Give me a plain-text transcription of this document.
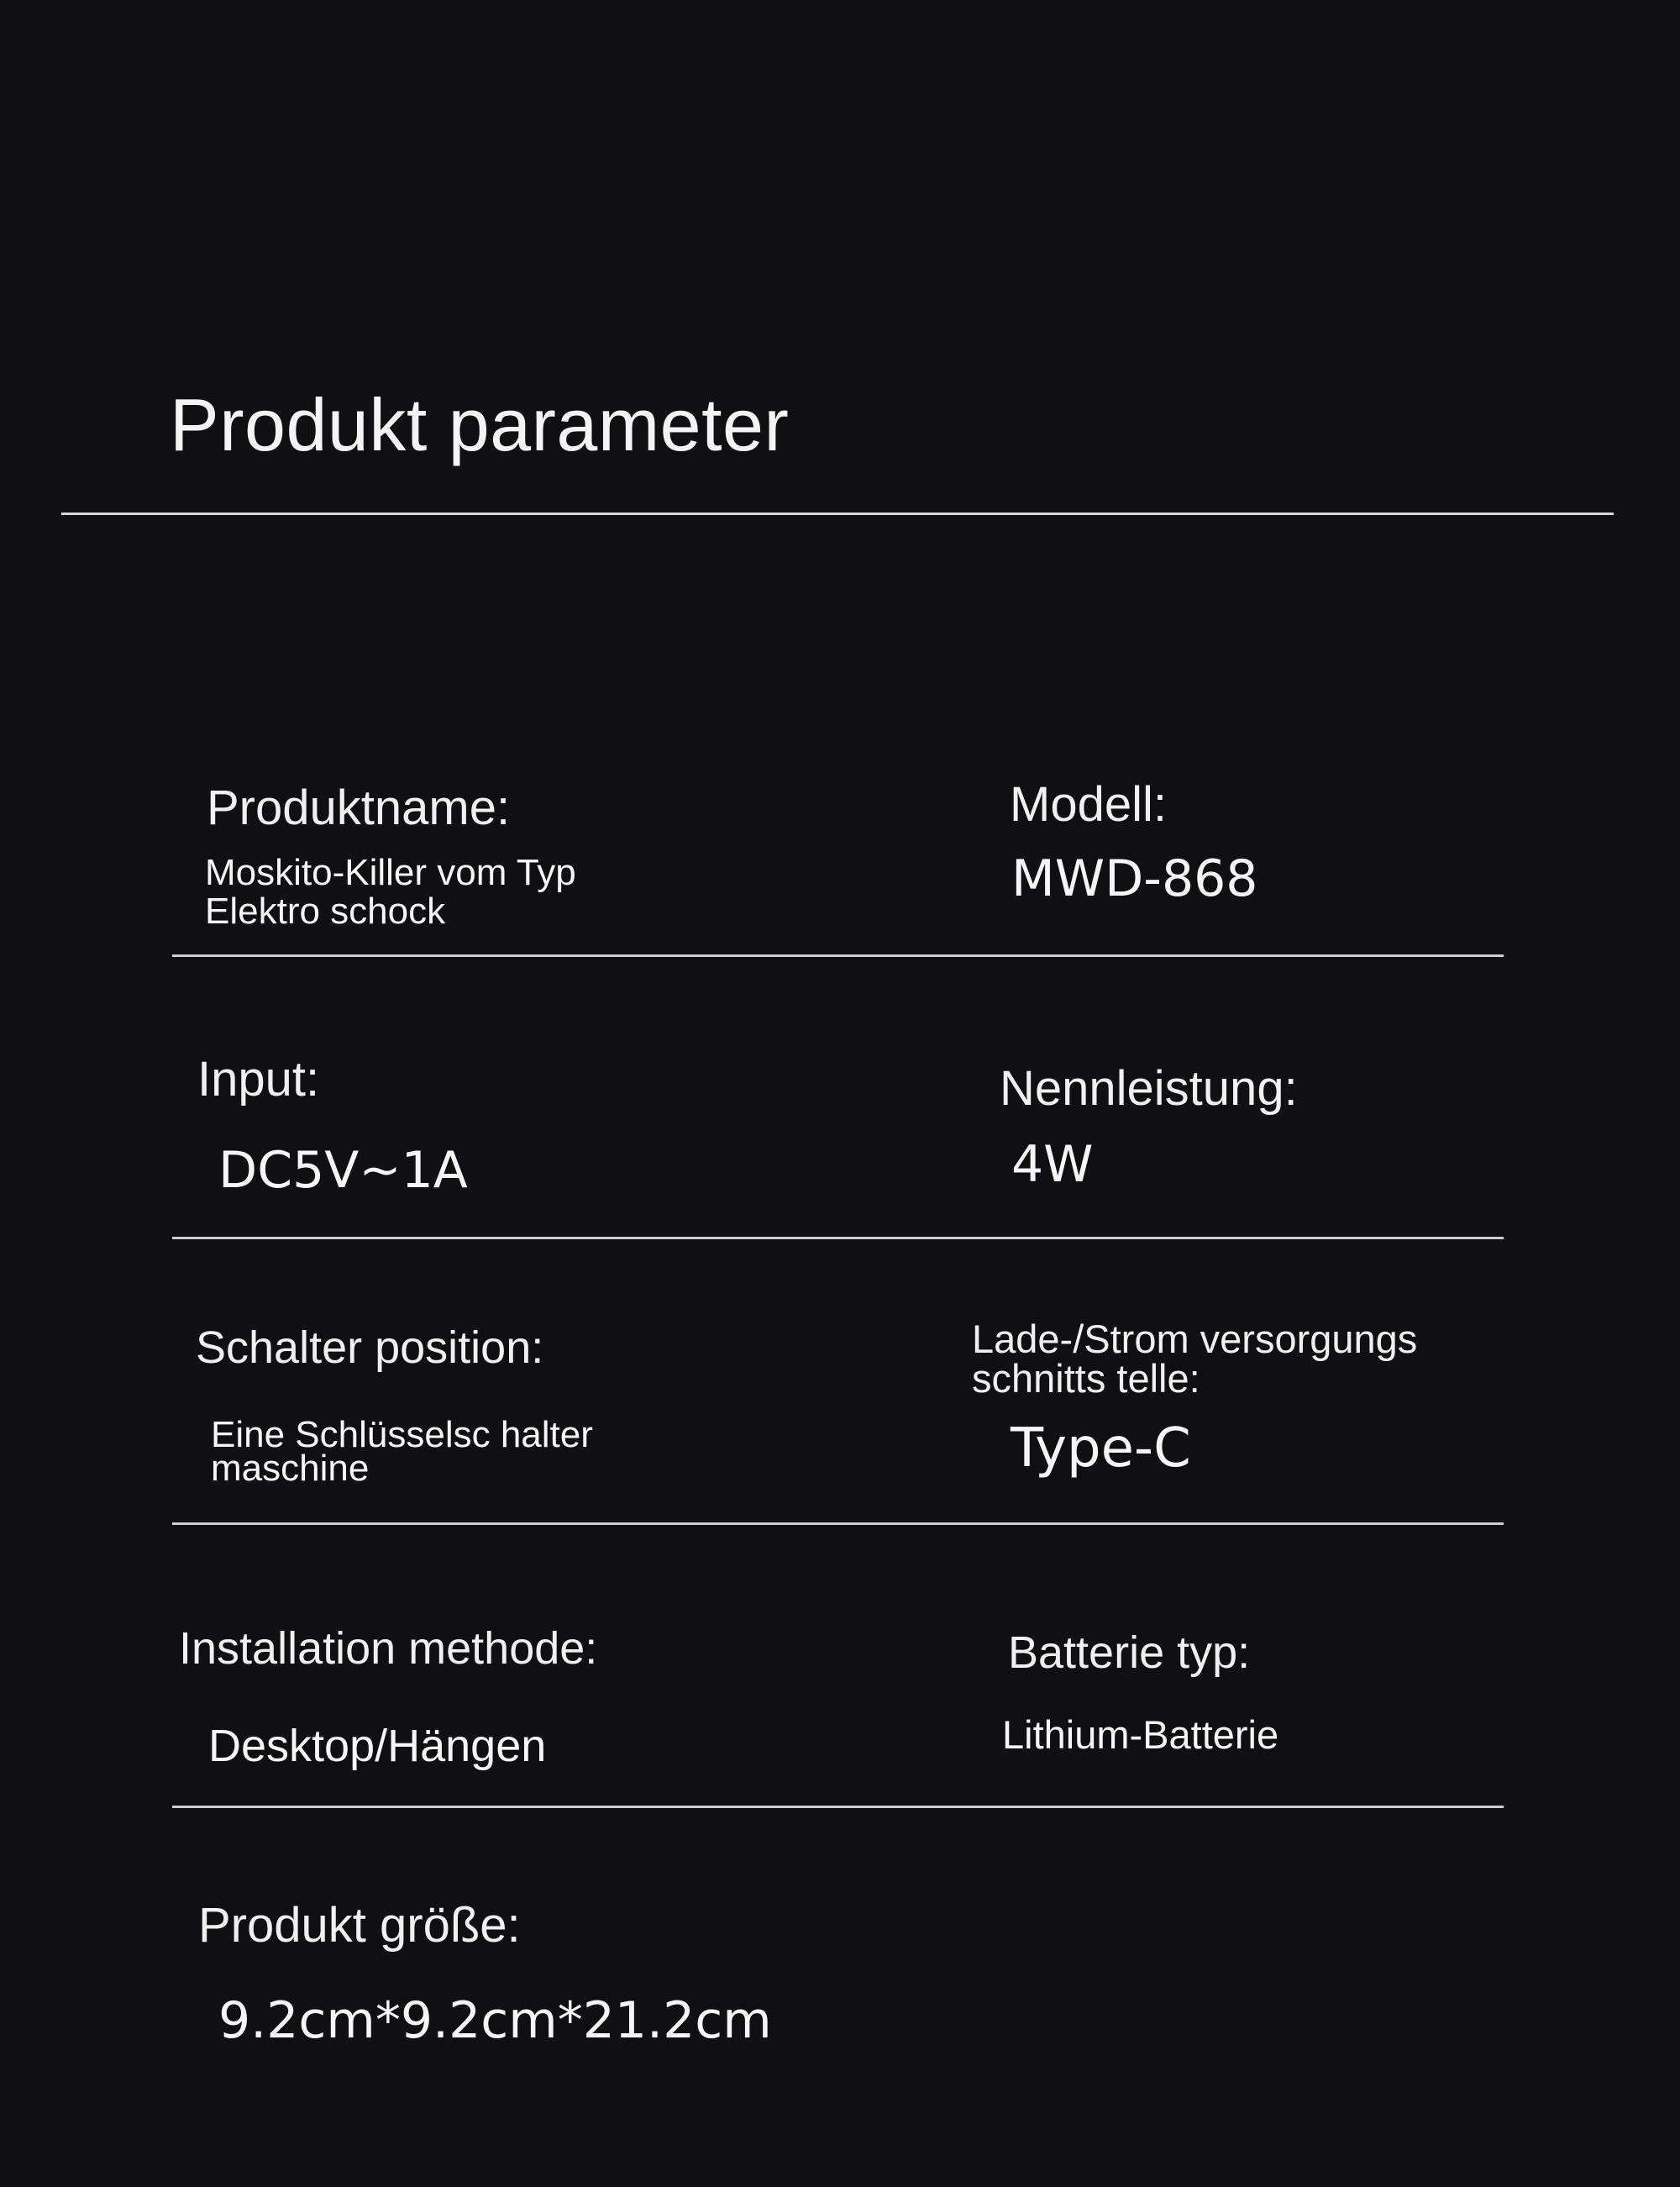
Produkt parameter
Produktname:
Moskito-Killer vom Typ
Elektro schock
Modell:
MWD-868
Input:
DC5V~1A
Nennleistung:
4W
Schalter position:
Eine Schlüsselsc halter
maschine
Lade-/Strom versorgungs
schnitts telle:
Type-C
Installation methode:
Desktop/Hängen
Batterie typ:
Lithium-Batterie
Produkt größe:
9.2cm*9.2cm*21.2cm
